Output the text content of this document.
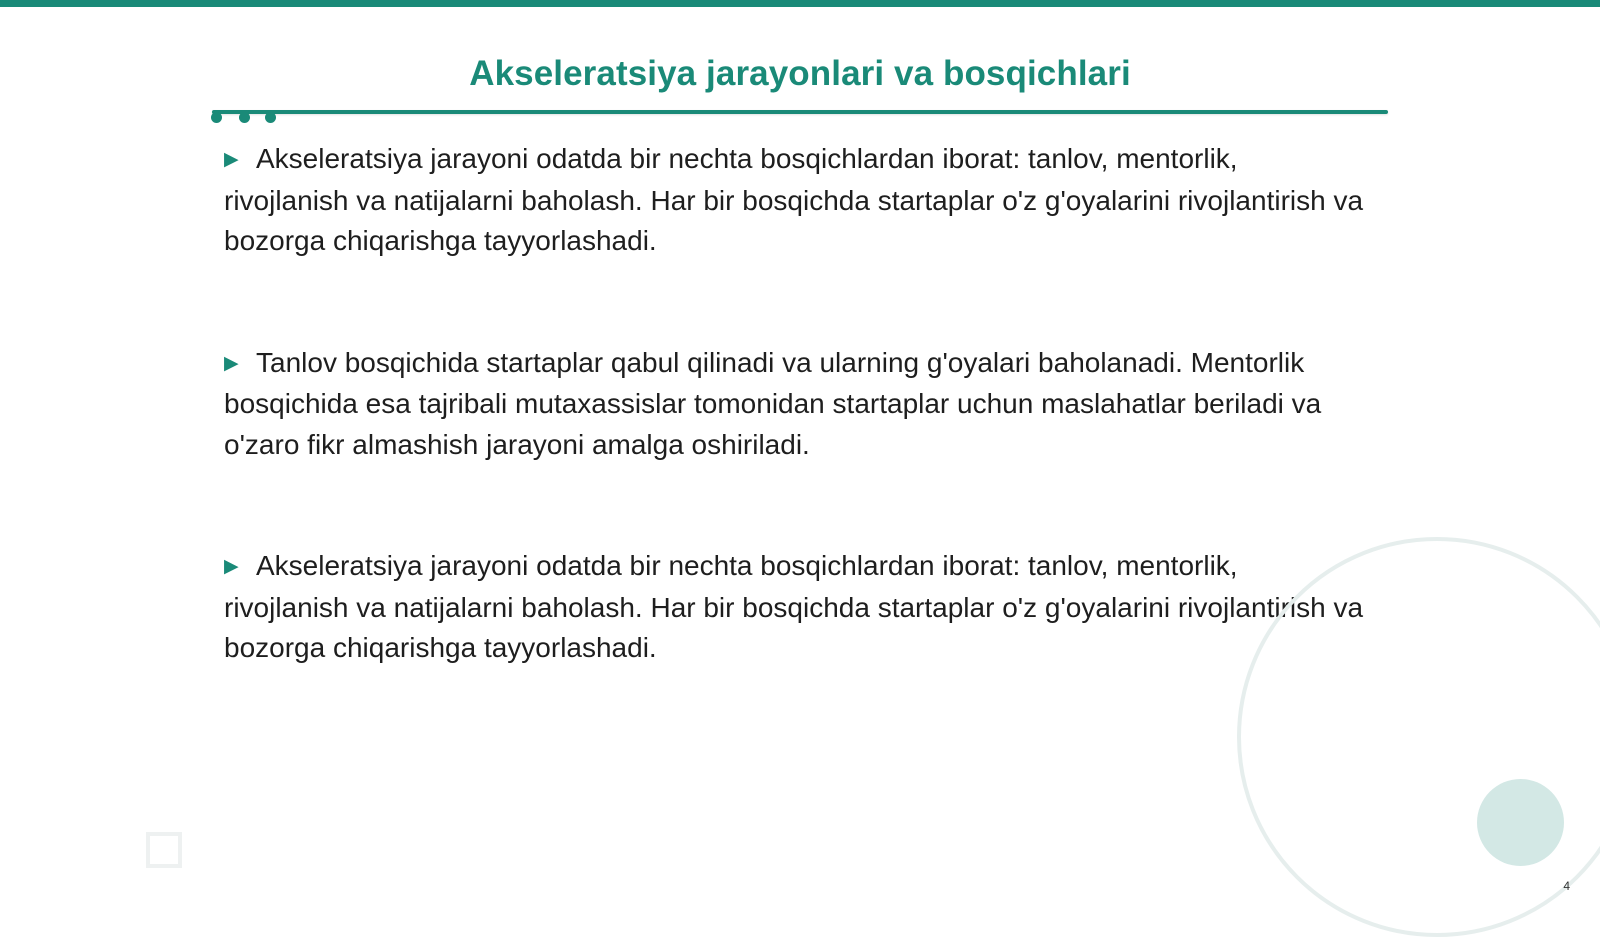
Akseleratsiya jarayonlari va bosqichlari

▶ Akseleratsiya jarayoni odatda bir nechta bosqichlardan iborat: tanlov, mentorlik, rivojlanish va natijalarni baholash. Har bir bosqichda startaplar o'z g'oyalarini rivojlantirish va bozorga chiqarishga tayyorlashadi.

▶ Tanlov bosqichida startaplar qabul qilinadi va ularning g'oyalari baholanadi. Mentorlik bosqichida esa tajribali mutaxassislar tomonidan startaplar uchun maslahatlar beriladi va o'zaro fikr almashish jarayoni amalga oshiriladi.

▶ Akseleratsiya jarayoni odatda bir nechta bosqichlardan iborat: tanlov, mentorlik, rivojlanish va natijalarni baholash. Har bir bosqichda startaplar o'z g'oyalarini rivojlantirish va bozorga chiqarishga tayyorlashadi.

4
